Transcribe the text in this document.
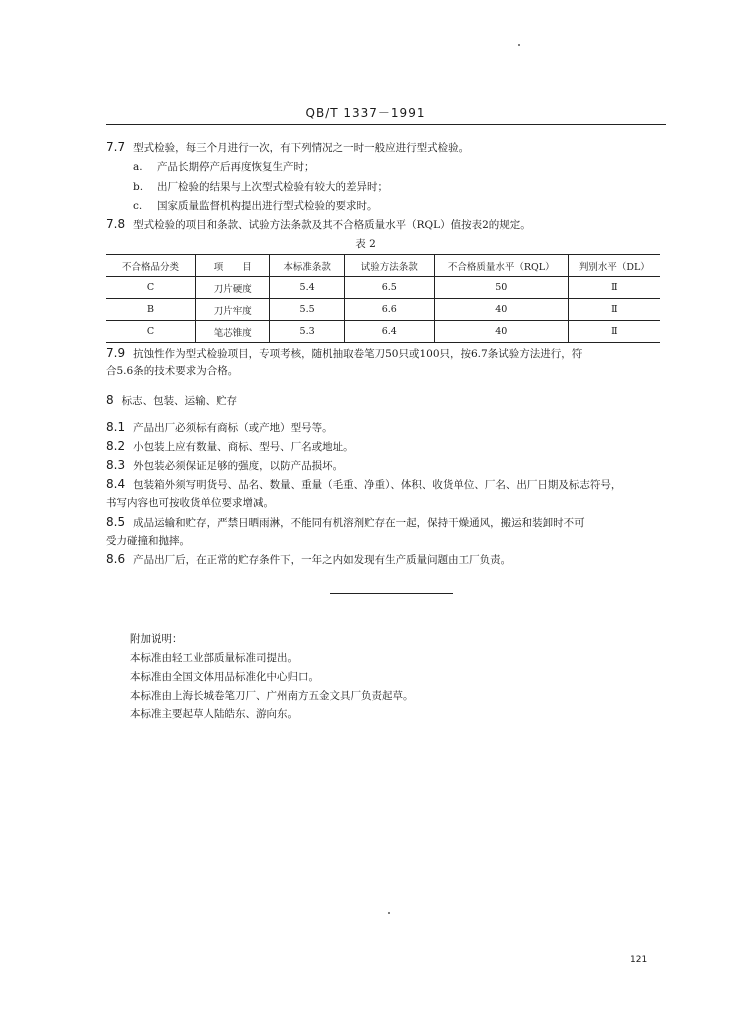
QB/T 1337－1991
7.7 型式检验，每三个月进行一次，有下列情况之一时一般应进行型式检验。
a. 产品长期停产后再度恢复生产时；
b. 出厂检验的结果与上次型式检验有较大的差异时；
c. 国家质量监督机构提出进行型式检验的要求时。
7.8 型式检验的项目和条款、试验方法条款及其不合格质量水平（RQL）值按表2的规定。
表 2
不合格品分类	项　　目	本标准条款	试验方法条款	不合格质量水平（RQL）	判别水平（DL）
C	刀片硬度	5.4	6.5	50	Ⅱ
B	刀片牢度	5.5	6.6	40	Ⅱ
C	笔芯锥度	5.3	6.4	40	Ⅱ
7.9 抗蚀性作为型式检验项目，专项考核，随机抽取卷笔刀50只或100只，按6.7条试验方法进行，符
合5.6条的技术要求为合格。
8 标志、包装、运输、贮存
8.1 产品出厂必须标有商标（或产地）型号等。
8.2 小包装上应有数量、商标、型号、厂名或地址。
8.3 外包装必须保证足够的强度，以防产品损坏。
8.4 包装箱外须写明货号、品名、数量、重量（毛重、净重）、体积、收货单位、厂名、出厂日期及标志符号，
书写内容也可按收货单位要求增减。
8.5 成品运输和贮存，严禁日晒雨淋，不能同有机溶剂贮存在一起，保持干燥通风，搬运和装卸时不可
受力碰撞和抛摔。
8.6 产品出厂后，在正常的贮存条件下，一年之内如发现有生产质量问题由工厂负责。
附加说明：
本标准由轻工业部质量标准司提出。
本标准由全国文体用品标准化中心归口。
本标准由上海长城卷笔刀厂、广州南方五金文具厂负责起草。
本标准主要起草人陆皓东、游向东。
121
